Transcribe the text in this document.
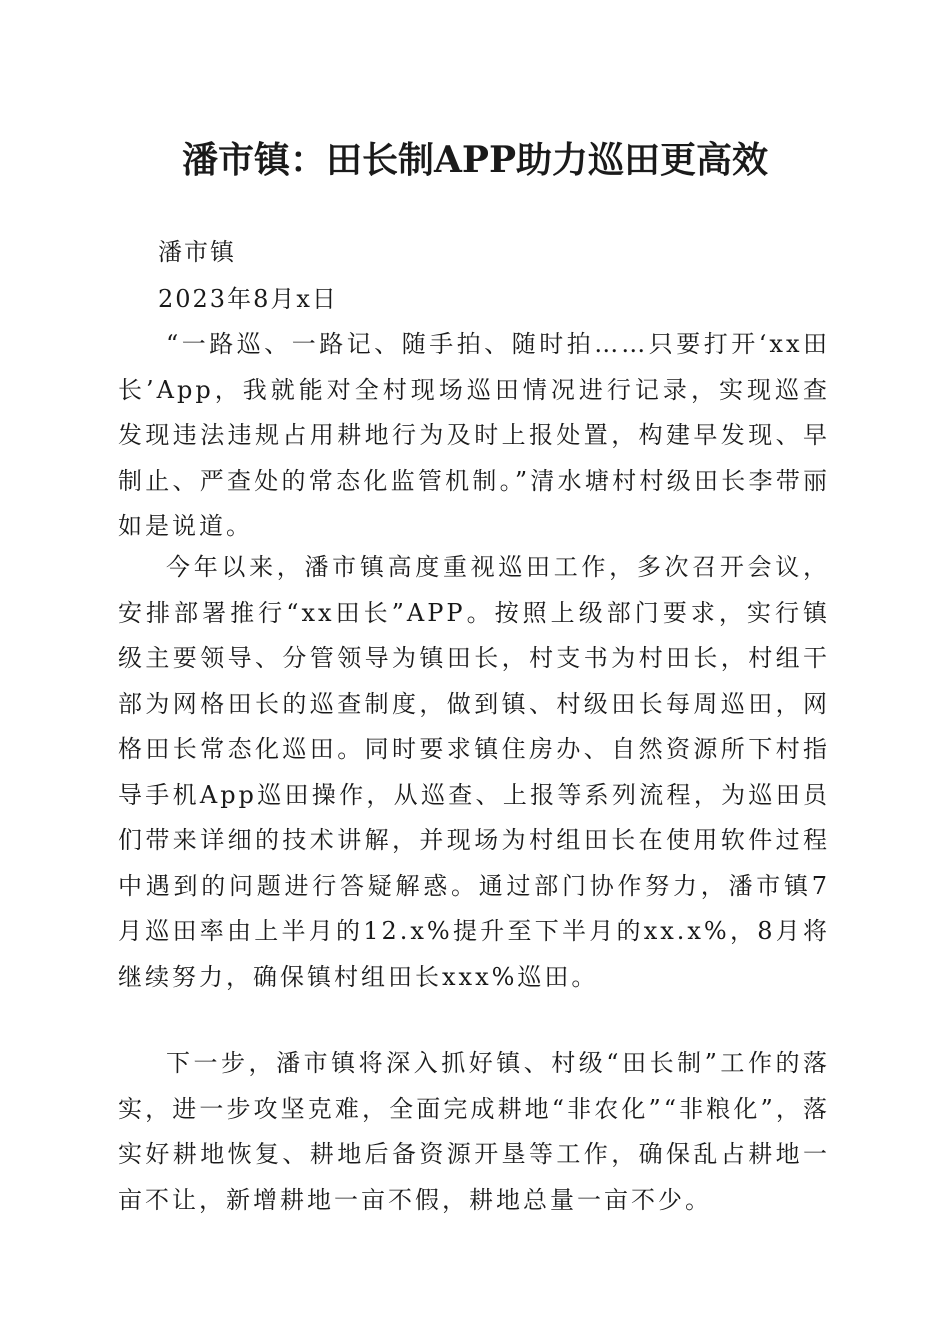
潘市镇：田长制APP助力巡田更高效
潘市镇
2023年8月x日

“一路巡、一路记、随手拍、随时拍……只要打开‘xx田长’App，我就能对全村现场巡田情况进行记录，实现巡查发现违法违规占用耕地行为及时上报处置，构建早发现、早制止、严查处的常态化监管机制。”清水塘村村级田长李带丽如是说道。

今年以来，潘市镇高度重视巡田工作，多次召开会议，安排部署推行“xx田长”APP。按照上级部门要求，实行镇级主要领导、分管领导为镇田长，村支书为村田长，村组干部为网格田长的巡查制度，做到镇、村级田长每周巡田，网格田长常态化巡田。同时要求镇住房办、自然资源所下村指导手机App巡田操作，从巡查、上报等系列流程，为巡田员们带来详细的技术讲解，并现场为村组田长在使用软件过程中遇到的问题进行答疑解惑。通过部门协作努力，潘市镇7月巡田率由上半月的12.x%提升至下半月的xx.x%，8月将继续努力，确保镇村组田长xxx%巡田。

下一步，潘市镇将深入抓好镇、村级“田长制”工作的落实，进一步攻坚克难，全面完成耕地“非农化”“非粮化”，落实好耕地恢复、耕地后备资源开垦等工作，确保乱占耕地一亩不让，新增耕地一亩不假，耕地总量一亩不少。
